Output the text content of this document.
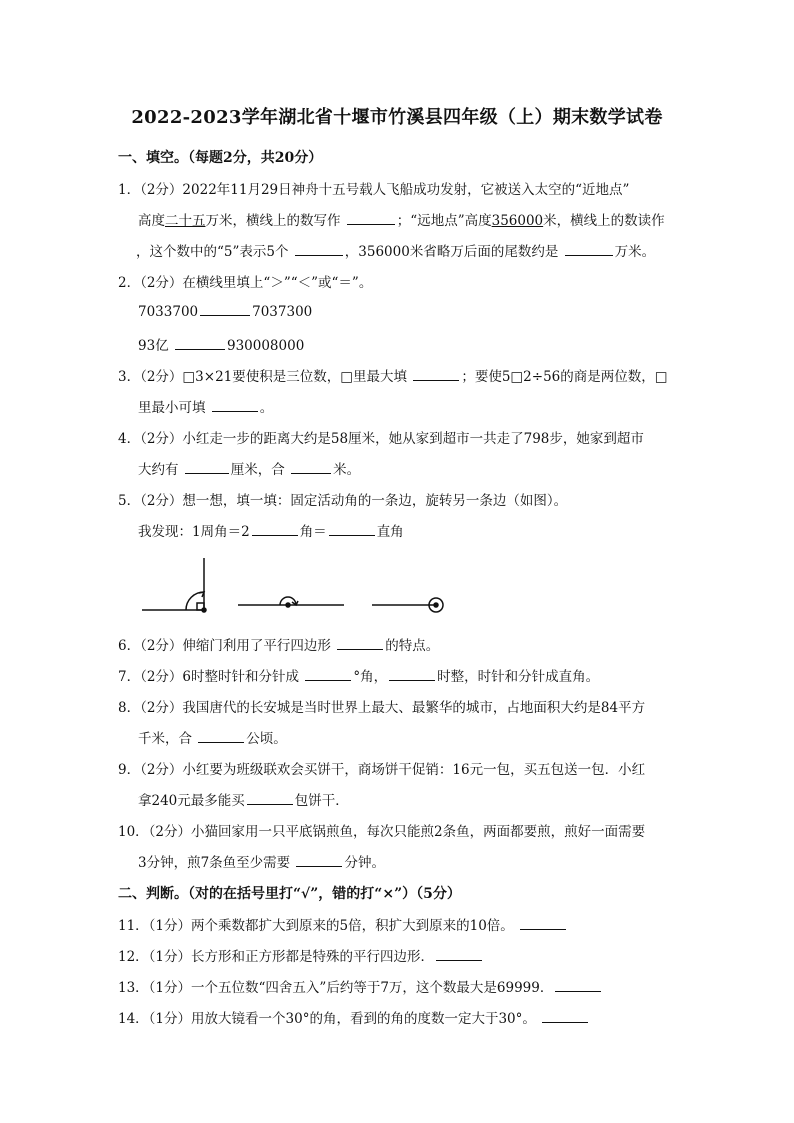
2022-2023学年湖北省十堰市竹溪县四年级（上）期末数学试卷
一、填空。（每题2分，共20分）
1．（2分）2022年11月29日神舟十五号载人飞船成功发射，它被送入太空的“近地点”
高度二十五万米，横线上的数写作	；“远地点”高度356000米，横线上的数读作
，这个数中的“5”表示5个	，356000米省略万后面的尾数约是	万米。
2．（2分）在横线里填上“＞”“＜”或“＝”。
7033700	7037300
93亿	930008000
3．（2分）□3×21要使积是三位数，□里最大填	；要使5□2÷56的商是两位数，□
里最小可填	。
4．（2分）小红走一步的距离大约是58厘米，她从家到超市一共走了798步，她家到超市
大约有	厘米，合	米。
5．（2分）想一想，填一填：固定活动角的一条边，旋转另一条边（如图）。
我发现：1周角＝2	角＝	直角
6．（2分）伸缩门利用了平行四边形	的特点。
7．（2分）6时整时针和分针成	°角，	时整，时针和分针成直角。
8．（2分）我国唐代的长安城是当时世界上最大、最繁华的城市，占地面积大约是84平方
千米，合	公顷。
9．（2分）小红要为班级联欢会买饼干，商场饼干促销：16元一包，买五包送一包．小红
拿240元最多能买	包饼干．
10．（2分）小猫回家用一只平底锅煎鱼，每次只能煎2条鱼，两面都要煎，煎好一面需要
3分钟，煎7条鱼至少需要	分钟。
二、判断。（对的在括号里打“√”，错的打“×”）（5分）
11．（1分）两个乘数都扩大到原来的5倍，积扩大到原来的10倍。
12．（1分）长方形和正方形都是特殊的平行四边形．
13．（1分）一个五位数“四舍五入”后约等于7万，这个数最大是69999．
14．（1分）用放大镜看一个30°的角，看到的角的度数一定大于30°。
